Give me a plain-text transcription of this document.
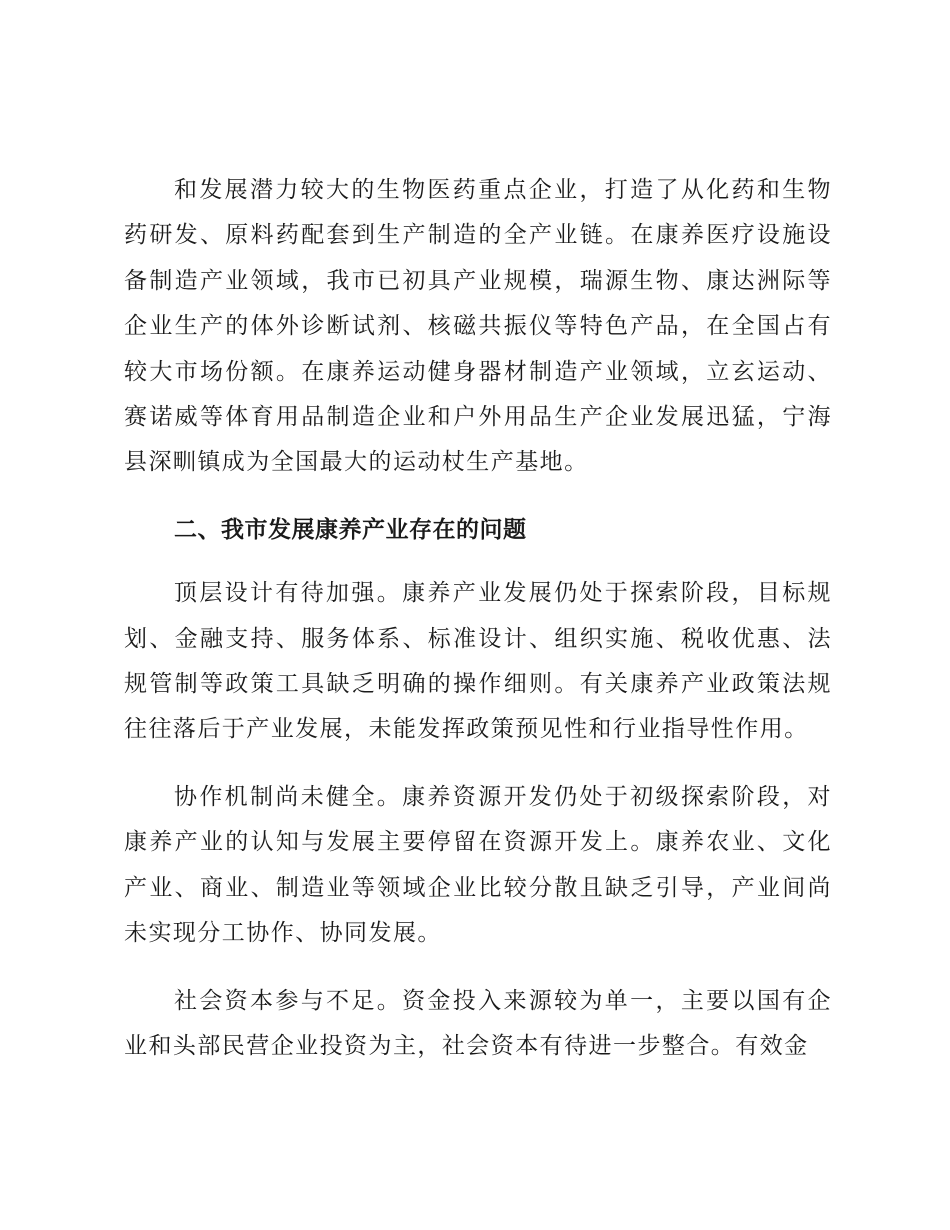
和发展潜力较大的生物医药重点企业，打造了从化药和生物药研发、原料药配套到生产制造的全产业链。在康养医疗设施设备制造产业领域，我市已初具产业规模，瑞源生物、康达洲际等企业生产的体外诊断试剂、核磁共振仪等特色产品，在全国占有较大市场份额。在康养运动健身器材制造产业领域，立玄运动、赛诺威等体育用品制造企业和户外用品生产企业发展迅猛，宁海县深甽镇成为全国最大的运动杖生产基地。

二、我市发展康养产业存在的问题

顶层设计有待加强。康养产业发展仍处于探索阶段，目标规划、金融支持、服务体系、标准设计、组织实施、税收优惠、法规管制等政策工具缺乏明确的操作细则。有关康养产业政策法规往往落后于产业发展，未能发挥政策预见性和行业指导性作用。

协作机制尚未健全。康养资源开发仍处于初级探索阶段，对康养产业的认知与发展主要停留在资源开发上。康养农业、文化产业、商业、制造业等领域企业比较分散且缺乏引导，产业间尚未实现分工协作、协同发展。

社会资本参与不足。资金投入来源较为单一，主要以国有企业和头部民营企业投资为主，社会资本有待进一步整合。有效金
